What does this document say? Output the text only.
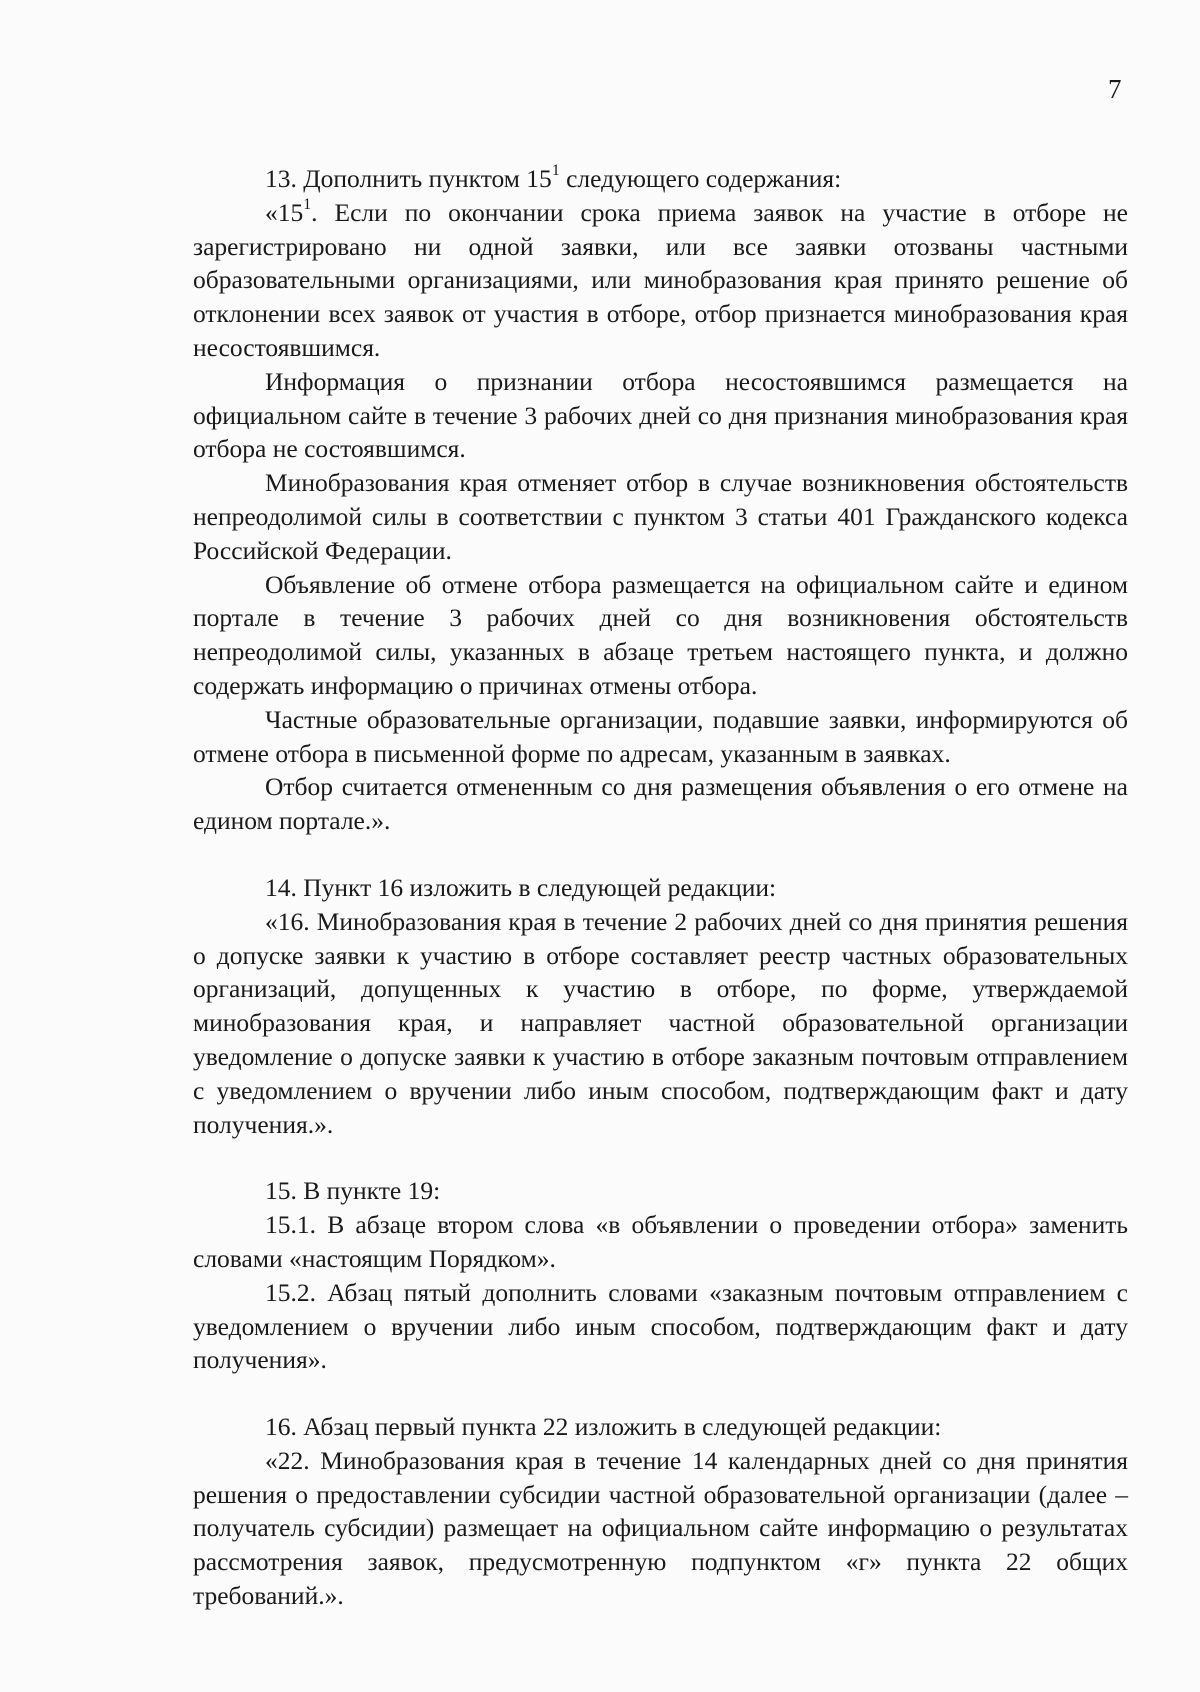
7

13. Дополнить пунктом $15^1$ следующего содержания:

«$15^1$. Если по окончании срока приема заявок на участие в отборе не зарегистрировано ни одной заявки, или все заявки отозваны частными образовательными организациями, или минобразования края принято решение об отклонении всех заявок от участия в отборе, отбор признается минобразования края несостоявшимся.

Информация о признании отбора несостоявшимся размещается на официальном сайте в течение 3 рабочих дней со дня признания минобразования края отбора не состоявшимся.

Минобразования края отменяет отбор в случае возникновения обстоятельств непреодолимой силы в соответствии с пунктом 3 статьи 401 Гражданского кодекса Российской Федерации.

Объявление об отмене отбора размещается на официальном сайте и едином портале в течение 3 рабочих дней со дня возникновения обстоятельств непреодолимой силы, указанных в абзаце третьем настоящего пункта, и должно содержать информацию о причинах отмены отбора.

Частные образовательные организации, подавшие заявки, информируются об отмене отбора в письменной форме по адресам, указанным в заявках.

Отбор считается отмененным со дня размещения объявления о его отмене на едином портале.».

14. Пункт 16 изложить в следующей редакции:

«16. Минобразования края в течение 2 рабочих дней со дня принятия решения о допуске заявки к участию в отборе составляет реестр частных образовательных организаций, допущенных к участию в отборе, по форме, утверждаемой минобразования края, и направляет частной образовательной организации уведомление о допуске заявки к участию в отборе заказным почтовым отправлением с уведомлением о вручении либо иным способом, подтверждающим факт и дату получения.».

15. В пункте 19:

15.1. В абзаце втором слова «в объявлении о проведении отбора» заменить словами «настоящим Порядком».

15.2. Абзац пятый дополнить словами «заказным почтовым отправлением с уведомлением о вручении либо иным способом, подтверждающим факт и дату получения».

16. Абзац первый пункта 22 изложить в следующей редакции:

«22. Минобразования края в течение 14 календарных дней со дня принятия решения о предоставлении субсидии частной образовательной организации (далее – получатель субсидии) размещает на официальном сайте информацию о результатах рассмотрения заявок, предусмотренную подпунктом «г» пункта 22 общих требований.».
